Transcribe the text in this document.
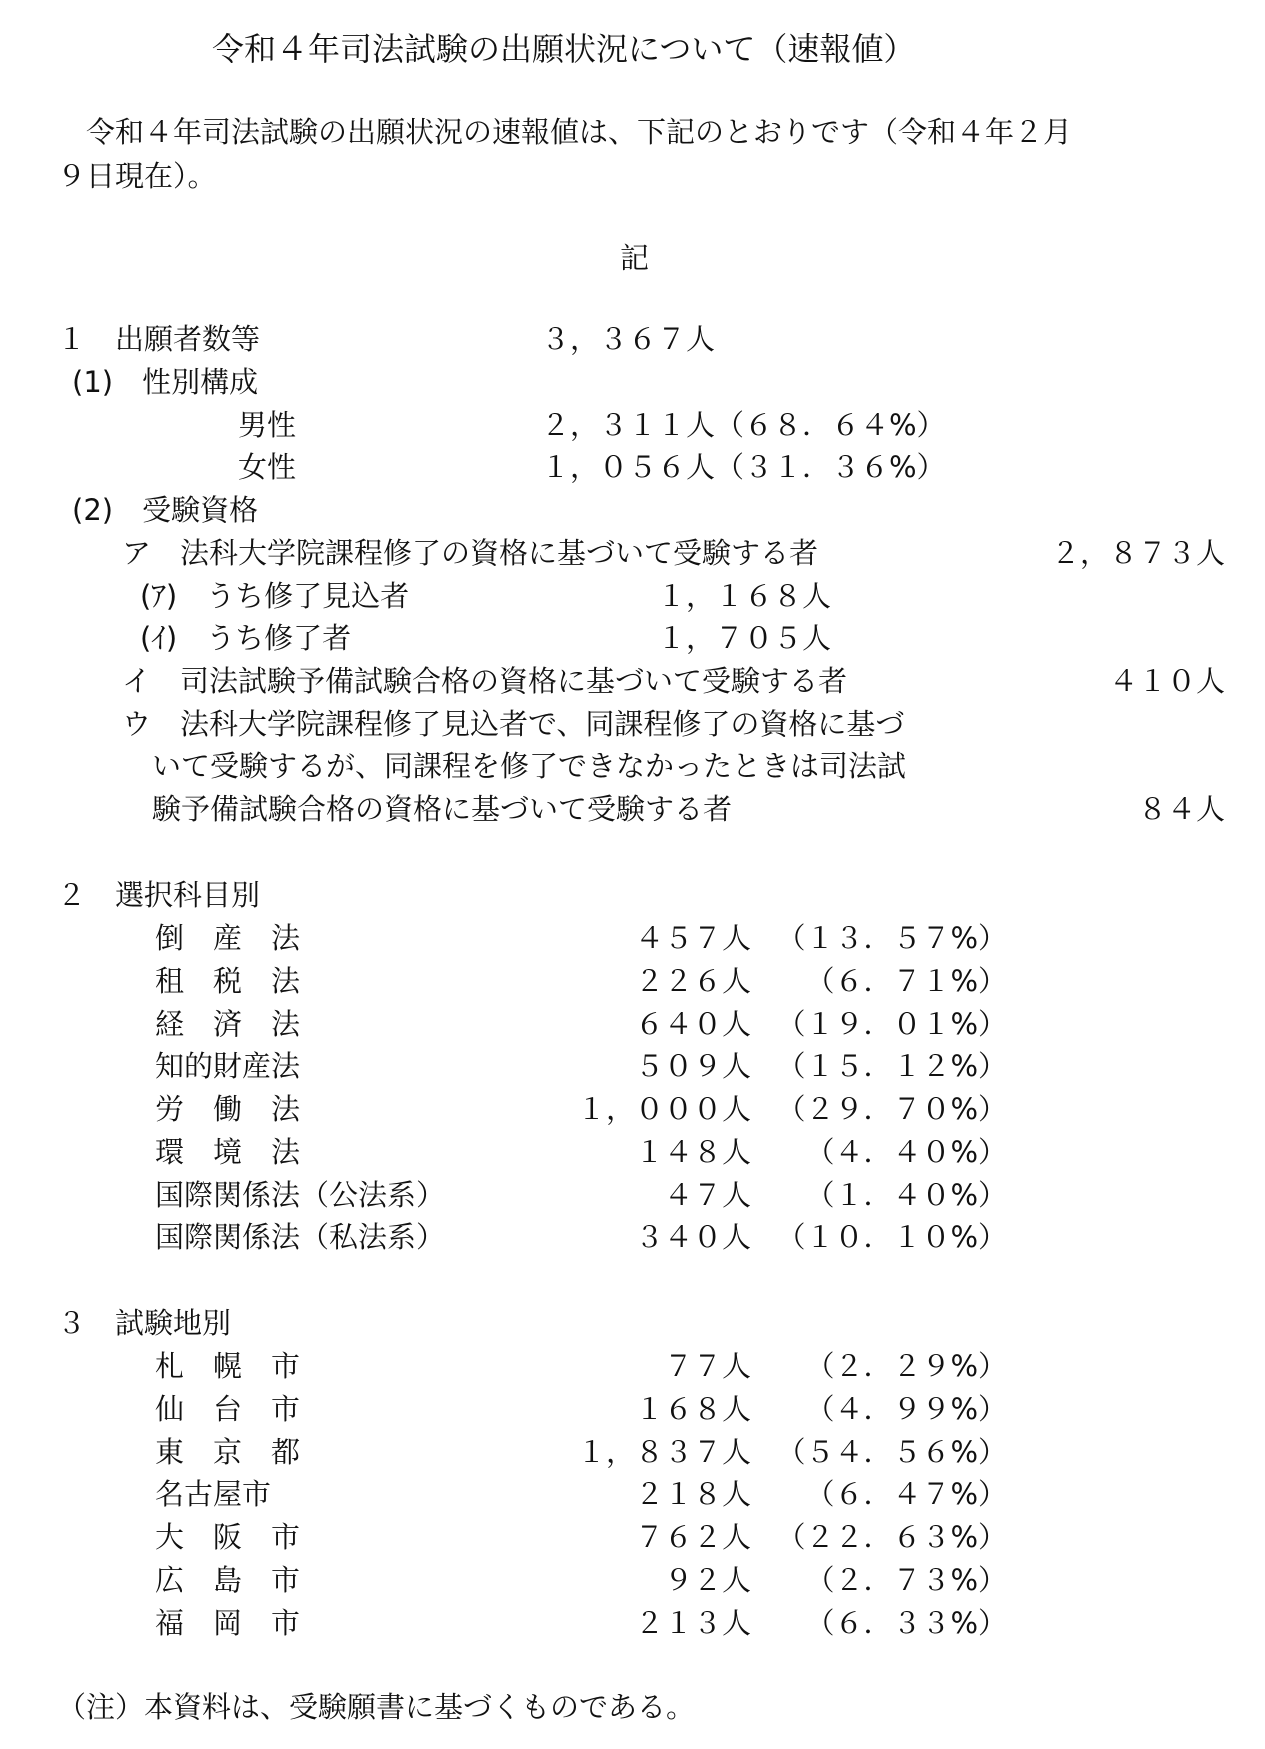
令和４年司法試験の出願状況について（速報値）
令和４年司法試験の出願状況の速報値は、下記のとおりです（令和４年２月
９日現在）。
記
１　出願者数等	３，３６７人
(1)　性別構成
男性	２，３１１人（６８．６４%）
女性	１，０５６人（３１．３６%）
(2)　受験資格
ア　法科大学院課程修了の資格に基づいて受験する者	２，８７３人
(ｱ)　うち修了見込者	１，１６８人
(ｲ)　うち修了者	１，７０５人
イ　司法試験予備試験合格の資格に基づいて受験する者	４１０人
ウ　法科大学院課程修了見込者で、同課程修了の資格に基づ
いて受験するが、同課程を修了できなかったときは司法試
験予備試験合格の資格に基づいて受験する者	８４人
２　選択科目別
倒　産　法	４５７人 （１３．５７%）
租　税　法	２２６人 （６．７１%）
経　済　法	６４０人 （１９．０１%）
知的財産法	５０９人 （１５．１２%）
労　働　法	１，０００人 （２９．７０%）
環　境　法	１４８人 （４．４０%）
国際関係法（公法系）	４７人 （１．４０%）
国際関係法（私法系）	３４０人 （１０．１０%）
３　試験地別
札　幌　市	７７人 （２．２９%）
仙　台　市	１６８人 （４．９９%）
東　京　都	１，８３７人 （５４．５６%）
名古屋市	２１８人 （６．４７%）
大　阪　市	７６２人 （２２．６３%）
広　島　市	９２人 （２．７３%）
福　岡　市	２１３人 （６．３３%）
（注）本資料は、受験願書に基づくものである。
